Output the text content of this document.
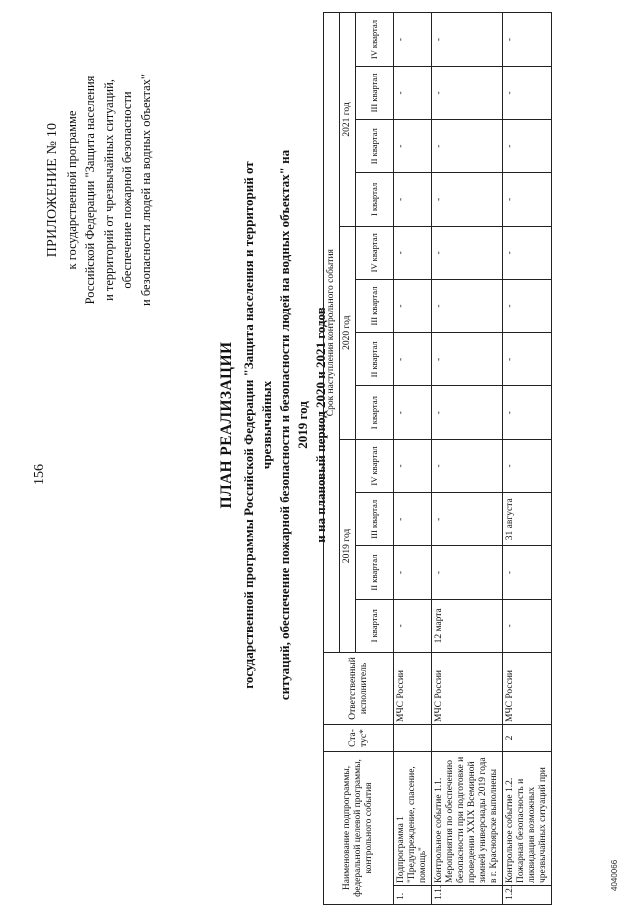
156
ПРИЛОЖЕНИЕ № 10 к государственной программе Российской Федерации "Защита населения и территорий от чрезвычайных ситуаций, обеспечение пожарной безопасности и безопасности людей на водных объектах"
ПЛАН РЕАЛИЗАЦИИ государственной программы Российской Федерации "Защита населения и территорий от чрезвычайных ситуаций, обеспечение пожарной безопасности и безопасности людей на водных объектах" на 2019 год и на плановый период 2020 и 2021 годов
Наименование подпрограммы, федеральной целевой программы, контрольного события		Ста-тус*	Ответственный исполнитель	Срок наступления контрольного события											
				2019 год				2020 год				2021 год			
				I квартал	II квартал	III квартал	IV квартал	I квартал	II квартал	III квартал	IV квартал	I квартал	II квартал	III квартал	IV квартал
1.	Подпрограмма 1 "Предупреждение, спасение, помощь"		МЧС России	-	-	-	-	-	-	-	-	-	-	-	-
1.1.	Контрольное событие 1.1. Мероприятия по обеспечению безопасности при подготовке и проведении XXIX Всемирной зимней универсиады 2019 года в г. Красноярске выполнены		МЧС России	12 марта	-	-	-	-	-	-	-	-	-	-	-
1.2.	Контрольное событие 1.2. Пожарная безопасность и ликвидация возможных чрезвычайных ситуаций при	2	МЧС России	-	-	31 августа	-	-	-	-	-	-	-	-	-
4040066
